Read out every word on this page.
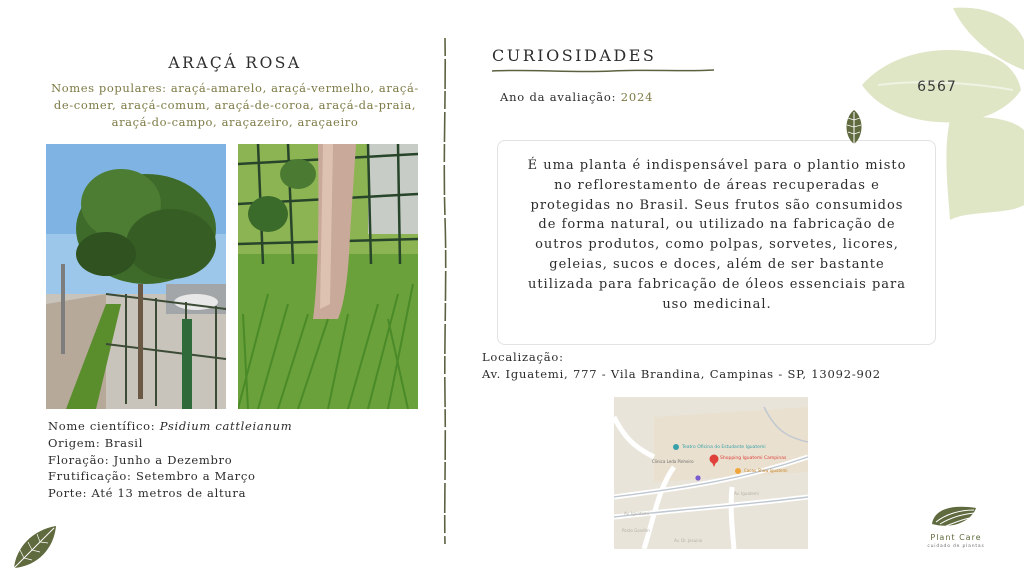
ARAÇÁ ROSA
Nomes populares: araçá-amarelo, araçá-vermelho, araçá-
de-comer, araçá-comum, araçá-de-coroa, araçá-da-praia,
araçá-do-campo, araçazeiro, araçaeiro
Nome científico: Psidium cattleianum
Origem: Brasil
Floração: Junho a Dezembro
Frutificação: Setembro a Março
Porte: Até 13 metros de altura
CURIOSIDADES
Ano da avaliação: 2024
É uma planta é indispensável para o plantio misto
no reflorestamento de áreas recuperadas e
protegidas no Brasil. Seus frutos são consumidos
de forma natural, ou utilizado na fabricação de
outros produtos, como polpas, sorvetes, licores,
geleias, sucos e doces, além de ser bastante
utilizada para fabricação de óleos essenciais para
uso medicinal.
Localização:
Av. Iguatemi, 777 - Vila Brandina, Campinas - SP, 13092-902
Av. Iguatemi
Av. Iguatemi
Posto Gondim
Av. Dr. Jesuino
Teatro Oficina do Estudante Iguatemi
Shopping Iguatemi Campinas
Clinica Leda Pinheiro
Cacau Show Iguatemi
6567
Plant Care
cuidado de plantas
